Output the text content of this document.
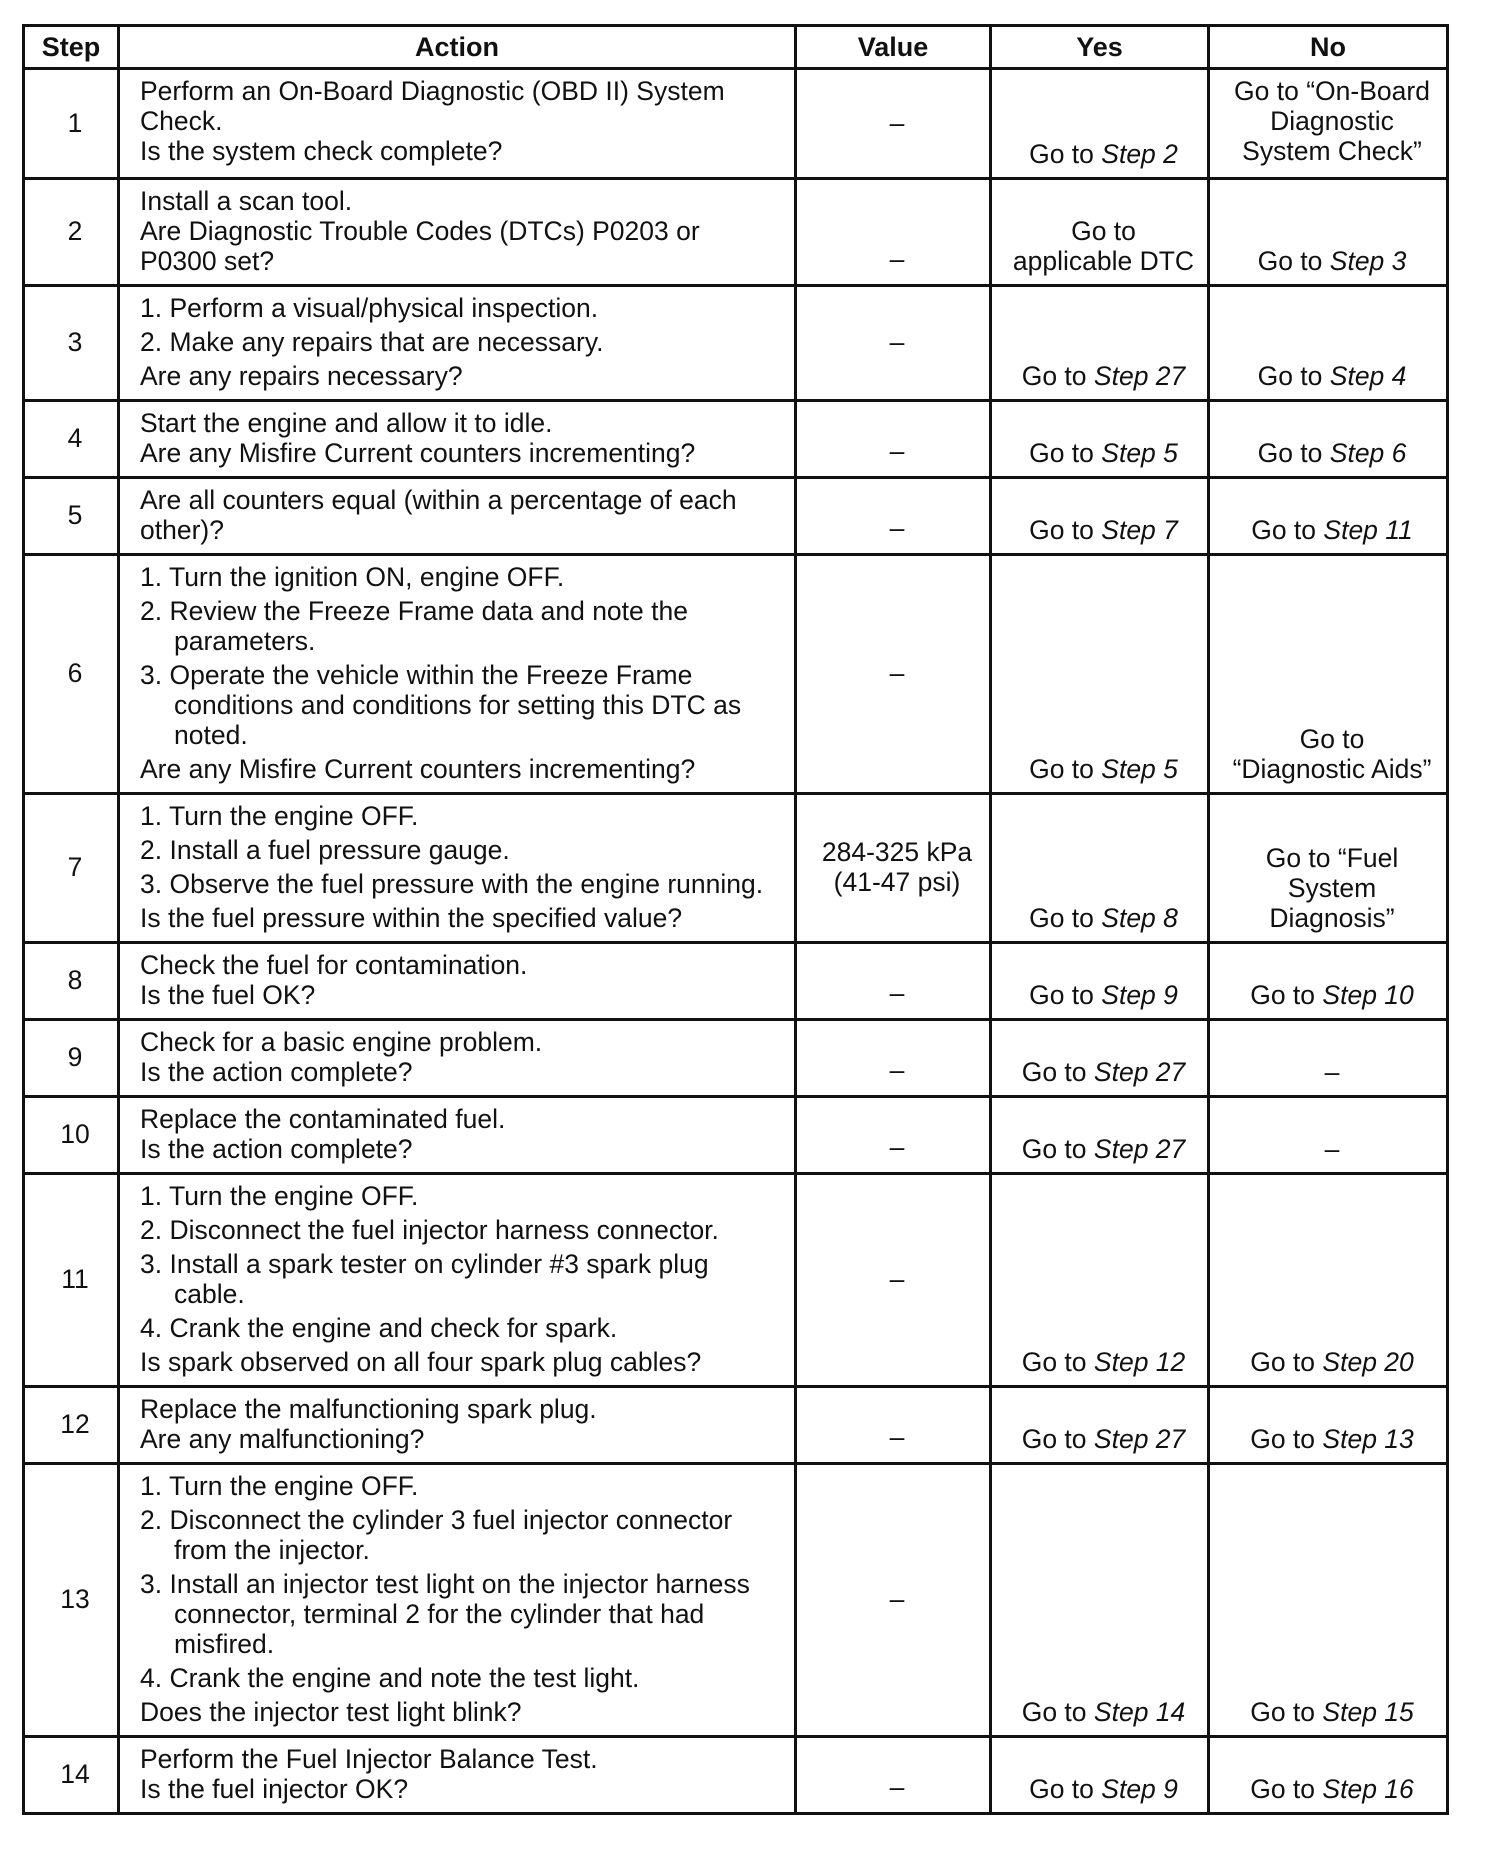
Step	Action	Value	Yes	No
1	Perform an On-Board Diagnostic (OBD II) System
Check.
Is the system check complete?	–	Go to Step 2	Go to “On-Board Diagnostic System Check”
2	Install a scan tool.
Are Diagnostic Trouble Codes (DTCs) P0203 or
P0300 set?	–	Go to applicable DTC	Go to Step 3
3	1. Perform a visual/physical inspection.
2. Make any repairs that are necessary.
Are any repairs necessary?	–	Go to Step 27	Go to Step 4
4	Start the engine and allow it to idle.
Are any Misfire Current counters incrementing?	–	Go to Step 5	Go to Step 6
5	Are all counters equal (within a percentage of each
other)?	–	Go to Step 7	Go to Step 11
6	1. Turn the ignition ON, engine OFF.
2. Review the Freeze Frame data and note the parameters.
3. Operate the vehicle within the Freeze Frame conditions and conditions for setting this DTC as noted.
Are any Misfire Current counters incrementing?	–	Go to Step 5	Go to “Diagnostic Aids”
7	1. Turn the engine OFF.
2. Install a fuel pressure gauge.
3. Observe the fuel pressure with the engine running.
Is the fuel pressure within the specified value?	284-325 kPa (41-47 psi)	Go to Step 8	Go to “Fuel System Diagnosis”
8	Check the fuel for contamination.
Is the fuel OK?	–	Go to Step 9	Go to Step 10
9	Check for a basic engine problem.
Is the action complete?	–	Go to Step 27	–
10	Replace the contaminated fuel.
Is the action complete?	–	Go to Step 27	–
11	1. Turn the engine OFF.
2. Disconnect the fuel injector harness connector.
3. Install a spark tester on cylinder #3 spark plug cable.
4. Crank the engine and check for spark.
Is spark observed on all four spark plug cables?	–	Go to Step 12	Go to Step 20
12	Replace the malfunctioning spark plug.
Are any malfunctioning?	–	Go to Step 27	Go to Step 13
13	1. Turn the engine OFF.
2. Disconnect the cylinder 3 fuel injector connector from the injector.
3. Install an injector test light on the injector harness connector, terminal 2 for the cylinder that had misfired.
4. Crank the engine and note the test light.
Does the injector test light blink?	–	Go to Step 14	Go to Step 15
14	Perform the Fuel Injector Balance Test.
Is the fuel injector OK?	–	Go to Step 9	Go to Step 16
